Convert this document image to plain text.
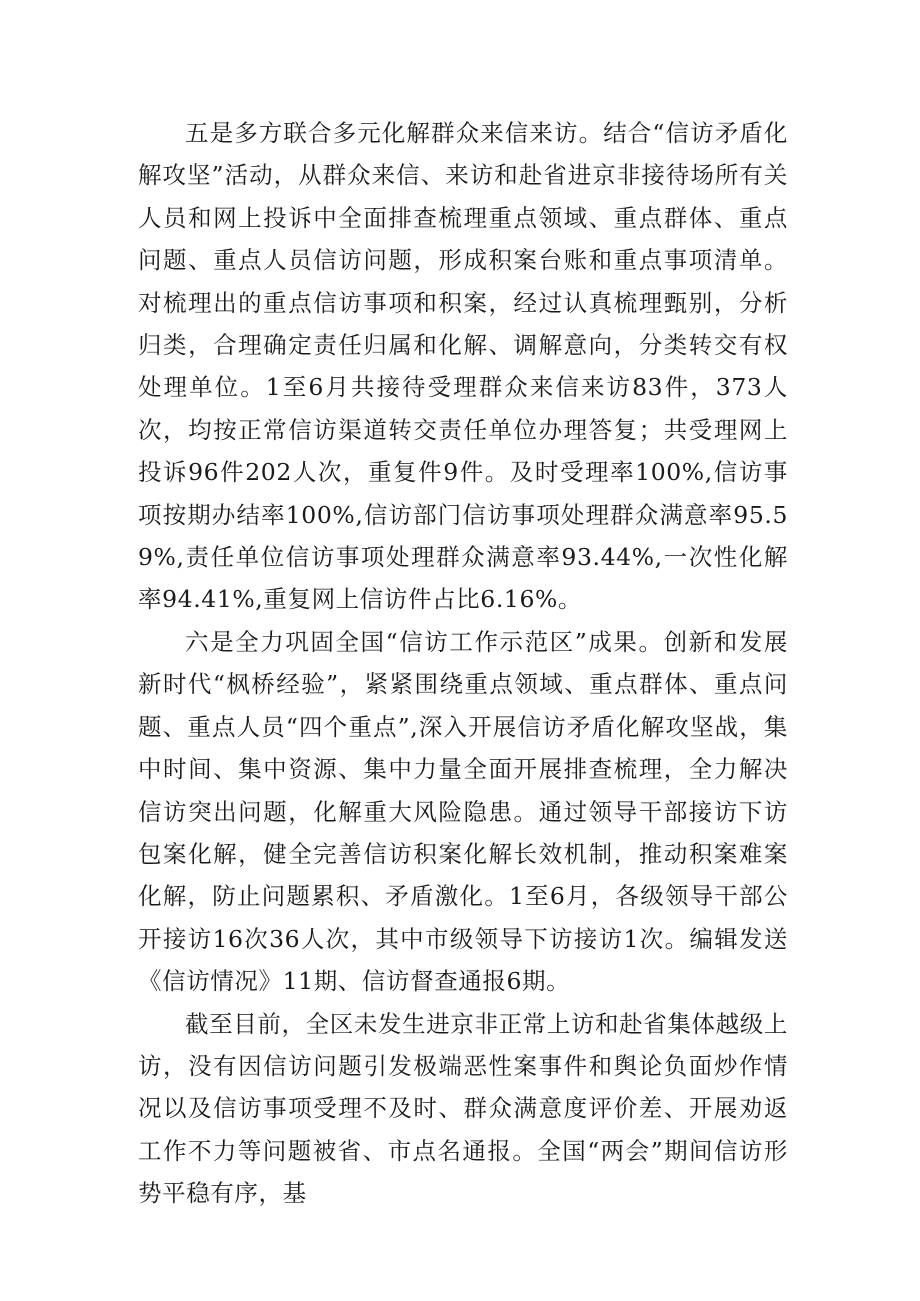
五是多方联合多元化解群众来信来访。结合“信访矛盾化解攻坚”活动，从群众来信、来访和赴省进京非接待场所有关人员和网上投诉中全面排查梳理重点领域、重点群体、重点问题、重点人员信访问题，形成积案台账和重点事项清单。对梳理出的重点信访事项和积案，经过认真梳理甄别，分析归类，合理确定责任归属和化解、调解意向，分类转交有权处理单位。1至6月共接待受理群众来信来访83件，373人次，均按正常信访渠道转交责任单位办理答复；共受理网上投诉96件202人次，重复件9件。及时受理率100%,信访事项按期办结率100%,信访部门信访事项处理群众满意率95.59%,责任单位信访事项处理群众满意率93.44%,一次性化解率94.41%,重复网上信访件占比6.16%。

六是全力巩固全国“信访工作示范区”成果。创新和发展新时代“枫桥经验”，紧紧围绕重点领域、重点群体、重点问题、重点人员“四个重点”,深入开展信访矛盾化解攻坚战，集中时间、集中资源、集中力量全面开展排查梳理，全力解决信访突出问题，化解重大风险隐患。通过领导干部接访下访包案化解，健全完善信访积案化解长效机制，推动积案难案化解，防止问题累积、矛盾激化。1至6月，各级领导干部公开接访16次36人次，其中市级领导下访接访1次。编辑发送《信访情况》11期、信访督查通报6期。

截至目前，全区未发生进京非正常上访和赴省集体越级上访，没有因信访问题引发极端恶性案事件和舆论负面炒作情况以及信访事项受理不及时、群众满意度评价差、开展劝返工作不力等问题被省、市点名通报。全国“两会”期间信访形势平稳有序，基
